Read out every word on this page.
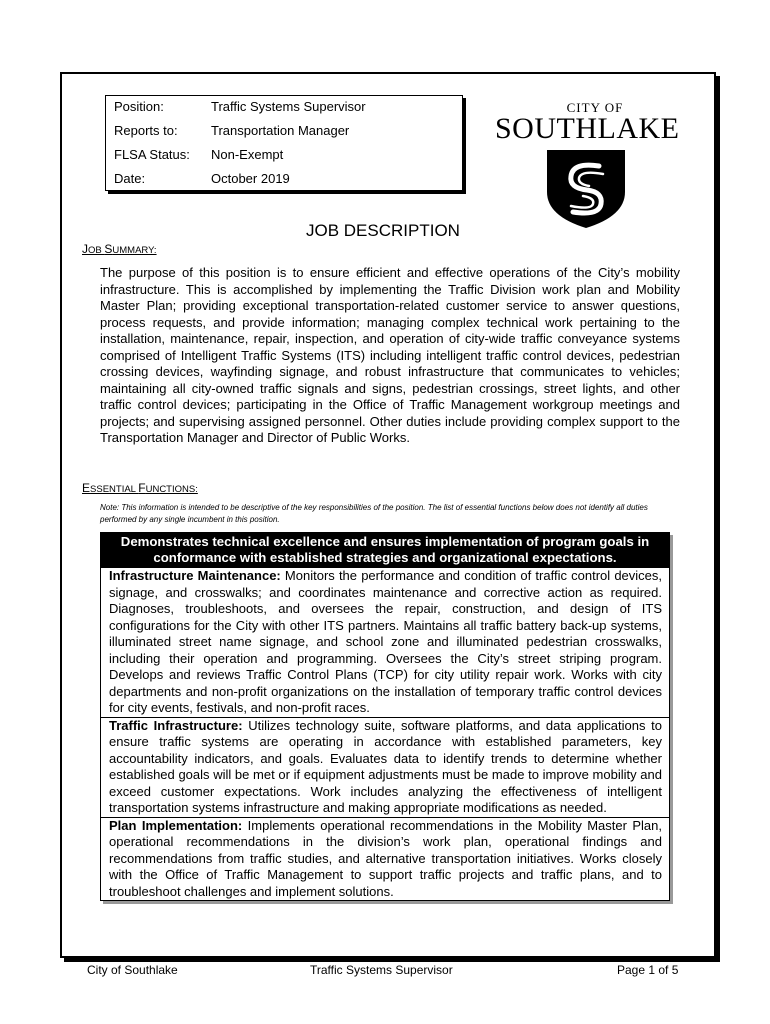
Position:	Traffic Systems Supervisor
Reports to:	Transportation Manager
FLSA Status:	Non-Exempt
Date:	October 2019
CITY OF
SOUTHLAKE
JOB DESCRIPTION
JOB SUMMARY:

The purpose of this position is to ensure efficient and effective operations of the City’s mobility infrastructure. This is accomplished by implementing the Traffic Division work plan and Mobility Master Plan; providing exceptional transportation-related customer service to answer questions, process requests, and provide information; managing complex technical work pertaining to the installation, maintenance, repair, inspection, and operation of city-wide traffic conveyance systems comprised of Intelligent Traffic Systems (ITS) including intelligent traffic control devices, pedestrian crossing devices, wayfinding signage, and robust infrastructure that communicates to vehicles; maintaining all city-owned traffic signals and signs, pedestrian crossings, street lights, and other traffic control devices; participating in the Office of Traffic Management workgroup meetings and projects; and supervising assigned personnel. Other duties include providing complex support to the Transportation Manager and Director of Public Works.

ESSENTIAL FUNCTIONS:

Note: This information is intended to be descriptive of the key responsibilities of the position. The list of essential functions below does not identify all duties performed by any single incumbent in this position.

Demonstrates technical excellence and ensures implementation of program goals in conformance with established strategies and organizational expectations.
Infrastructure Maintenance: Monitors the performance and condition of traffic control devices, signage, and crosswalks; and coordinates maintenance and corrective action as required. Diagnoses, troubleshoots, and oversees the repair, construction, and design of ITS configurations for the City with other ITS partners. Maintains all traffic battery back-up systems, illuminated street name signage, and school zone and illuminated pedestrian crosswalks, including their operation and programming. Oversees the City’s street striping program. Develops and reviews Traffic Control Plans (TCP) for city utility repair work. Works with city departments and non-profit organizations on the installation of temporary traffic control devices for city events, festivals, and non-profit races.
Traffic Infrastructure: Utilizes technology suite, software platforms, and data applications to ensure traffic systems are operating in accordance with established parameters, key accountability indicators, and goals. Evaluates data to identify trends to determine whether established goals will be met or if equipment adjustments must be made to improve mobility and exceed customer expectations. Work includes analyzing the effectiveness of intelligent transportation systems infrastructure and making appropriate modifications as needed.
Plan Implementation: Implements operational recommendations in the Mobility Master Plan, operational recommendations in the division’s work plan, operational findings and recommendations from traffic studies, and alternative transportation initiatives. Works closely with the Office of Traffic Management to support traffic projects and traffic plans, and to troubleshoot challenges and implement solutions.
City of Southlake	Traffic Systems Supervisor	Page 1 of 5
